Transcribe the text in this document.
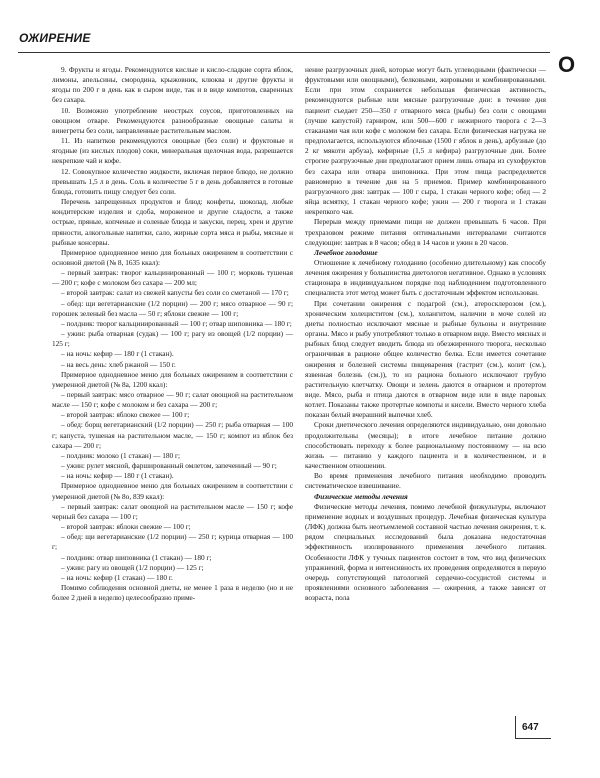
ОЖИРЕНИЕ
О

9. Фрукты и ягоды. Рекомендуются кислые и кисло-сладкие сорта яблок, лимоны, апельсины, смородина, крыжовник, клюква и другие фрукты и ягоды по 200 г в день как в сыром виде, так и в виде компотов, сваренных без сахара.

10. Возможно употребление неострых соусов, приготовленных на овощном отваре. Рекомендуются разнообразные овощные салаты и винегреты без соли, заправленные растительным маслом.

11. Из напитков рекомендуются овощные (без соли) и фруктовые и ягодные (из кислых плодов) соки, минеральная щелочная вода, разрешается некрепкие чай и кофе.

12. Совокупное количество жидкости, включая первое блюдо, не должно превышать 1,5 л в день. Соль в количестве 5 г в день добавляется в готовые блюда, готовить пищу следует без соли.

Перечень запрещенных продуктов и блюд: конфеты, шоколад, любые кондитерские изделия и сдоба, мороженое и другие сладости, а также острые, пряные, копченые и соленые блюда и закуски, перец, хрен и другие пряности, алкогольные напитки, сало, жирные сорта мяса и рыбы, мясные и рыбные консервы.

Примерное однодневное меню для больных ожирением в соответствии с основной диетой (№ 8, 1635 ккал):

– первый завтрак: творог кальцинированный — 100 г; морковь тушеная — 200 г; кофе с молоком без сахара — 200 мл;

– второй завтрак: салат из свежей капусты без соли со сметаной — 170 г;

– обед: щи вегетарианские (1/2 порции) — 200 г; мясо отварное — 90 г; горошек зеленый без масла — 50 г; яблоки свежие — 100 г;

– полдник: творог кальцинированный — 100 г; отвар шиповника — 180 г;

– ужин: рыба отварная (судак) — 100 г; рагу из овощей (1/2 порции) — 125 г;

– на ночь: кефир — 180 г (1 стакан).

– на весь день: хлеб ржаной — 150 г.

Примерное однодневное меню для больных ожирением в соответствии с умеренной диетой (№ 8а, 1200 ккал):

– первый завтрак: мясо отварное — 90 г; салат овощной на растительном масле — 150 г; кофе с молоком и без сахара — 200 г;

– второй завтрак: яблоко свежее — 100 г;

– обед: борщ вегетарианский (1/2 порции) — 250 г; рыба отварная — 100 г; капуста, тушеная на растительном масле, — 150 г; компот из яблок без сахара — 200 г;

– полдник: молоко (1 стакан) — 180 г;

– ужин: рулет мясной, фаршированный омлетом, запеченный — 90 г;

– на ночь: кефир — 180 г (1 стакан).

Примерное однодневное меню для больных ожирением в соответствии с умеренной диетой (№ 8о, 839 ккал):

– первый завтрак: салат овощной на растительном масле — 150 г; кофе черный без сахара — 100 г;

– второй завтрак: яблоки свежие — 100 г;

– обед: щи вегетарианские (1/2 порции) — 250 г; курица отварная — 100 г;

– полдник: отвар шиповника (1 стакан) — 180 г;

– ужин: рагу из овощей (1/2 порции) — 125 г;

– на ночь: кефир (1 стакан) — 180 г.

Помимо соблюдения основной диеты, не менее 1 раза в неделю (но и не более 2 дней в неделю) целесообразно приме-

нение разгрузочных дней, которые могут быть углеводными (фактически — фруктовыми или овощными), белковыми, жировыми и комбинированными. Если при этом сохраняется небольшая физическая активность, рекомендуются рыбные или мясные разгрузочные дни: в течение дня пациент съедает 250—350 г отварного мяса (рыбы) без соли с овощами (лучше капустой) гарниром, или 500—600 г нежирного творога с 2—3 стаканами чая или кофе с молоком без сахара. Если физическая нагрузка не предполагается, используются яблочные (1500 г яблок в день), арбузные (до 2 кг мякоти арбуза), кефирные (1,5 л кефира) разгрузочные дни. Более строгие разгрузочные дни предполагают прием лишь отвара из сухофруктов без сахара или отвара шиповника. При этом пища распределяется равномерно в течение дня на 5 приемов. Пример комбинированного разгрузочного дня: завтрак — 100 г сыра, 1 стакан черного кофе; обед — 2 яйца всмятку, 1 стакан черного кофе; ужин — 200 г творога и 1 стакан некрепкого чая.

Перерыв между приемами пищи не должен превышать 6 часов. При трехразовом режиме питания оптимальными интервалами считаются следующие: завтрак в 8 часов; обед в 14 часов и ужин в 20 часов.

Лечебное голодание

Отношение к лечебному голоданию (особенно длительному) как способу лечения ожирения у большинства диетологов негативное. Однако в условиях стационара в индивидуальном порядке под наблюдением подготовленного специалиста этот метод может быть с достаточным эффектом использован.

При сочетании ожирения с подагрой (см.), атеросклерозом (см.), хроническим холециститом (см.), холангитом, наличии в моче солей из диеты полностью исключают мясные и рыбные бульоны и внутренние органы. Мясо и рыбу употребляют только в отварном виде. Вместо мясных и рыбных блюд следует вводить блюда из обезжиренного творога, несколько ограничивая в рационе общее количество белка. Если имеется сочетание ожирения и болезней системы пищеварения (гастрит (см.), колит (см.), язвенная болезнь (см.)), то из рациона больного исключают грубую растительную клетчатку. Овощи и зелень даются в отварном и протертом виде. Мясо, рыба и птица даются в отварном виде или в виде паровых котлет. Показаны также протертые компоты и кисели. Вместо черного хлеба показан белый вчерашний выпечки хлеб.

Сроки диетического лечения определяются индивидуально, они довольно продолжительны (месяцы); в итоге лечебное питание должно способствовать переходу к более рациональному постоянному — на всю жизнь — питанию у каждого пациента и в количественном, и в качественном отношении.

Во время применения лечебного питания необходимо проводить систематическое взвешивание.

Физические методы лечения

Физические методы лечения, помимо лечебной физкультуры, включают применение водных и воздушных процедур. Лечебная физическая культура (ЛФК) должна быть неотъемлемой составной частью лечения ожирения, т. к. рядом специальных исследований была доказана недостаточная эффективность изолированного применения лечебного питания. Особенности ЛФК у тучных пациентов состоит в том, что вид физических упражнений, форма и интенсивность их проведения определяются в первую очередь сопутствующей патологией сердечно-сосудистой системы и проявлениями основного заболевания — ожирения, а также зависят от возраста, пола

647
